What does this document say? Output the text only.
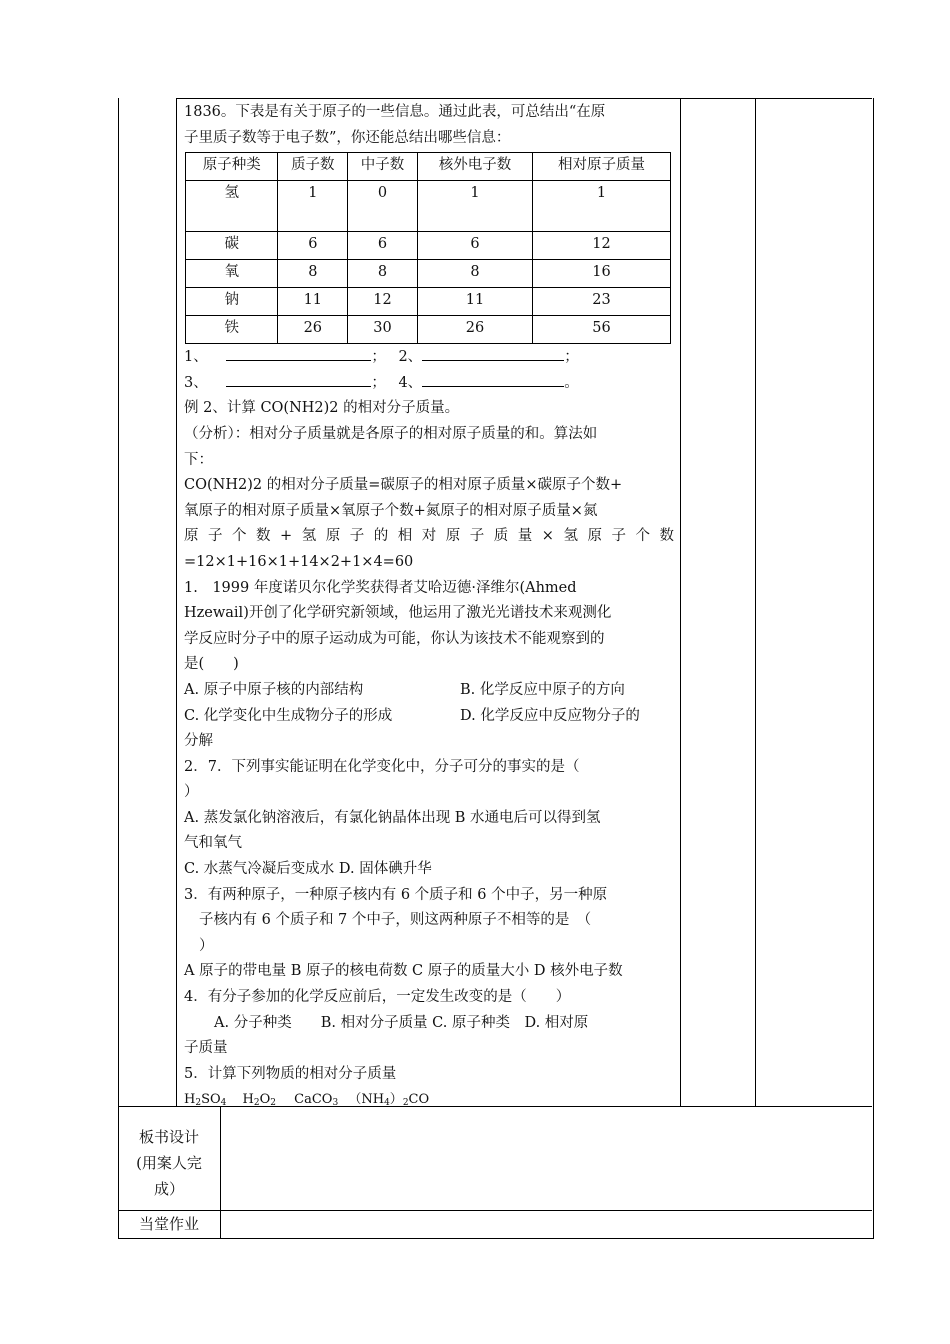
1836。下表是有关于原子的一些信息。通过此表，可总结出“在原

子里质子数等于电子数”，你还能总结出哪些信息：

原子种类	质子数	中子数	核外电子数	相对原子质量
氢	1	0	1	1
碳	6	6	6	12
氧	8	8	8	16
钠	11	12	11	23
铁	26	30	26	56

1、	； 2、	；

3、	； 4、	。

例 2、计算 CO(NH2)2 的相对分子质量。

（分析）：相对分子质量就是各原子的相对原子质量的和。算法如

下：

CO(NH2)2 的相对分子质量=碳原子的相对原子质量×碳原子个数+

氧原子的相对原子质量×氧原子个数+氮原子的相对原子质量×氮

原子个数+氢原子的相对原子质量×氢原子个数

=12×1+16×1+14×2+1×4=60

1.　1999 年度诺贝尔化学奖获得者艾哈迈德·泽维尔(Ahmed

Hzewail)开创了化学研究新领域，他运用了激光光谱技术来观测化

学反应时分子中的原子运动成为可能，你认为该技术不能观察到的

是(　　)

A. 原子中原子核的内部结构	B. 化学反应中原子的方向

C. 化学变化中生成物分子的形成	D. 化学反应中反应物分子的

分解

2．7．下列事实能证明在化学变化中，分子可分的事实的是（

）

A. 蒸发氯化钠溶液后，有氯化钠晶体出现 B 水通电后可以得到氢

气和氧气

C. 水蒸气冷凝后变成水 D. 固体碘升华

3．有两种原子，一种原子核内有 6 个质子和 6 个中子，另一种原

子核内有 6 个质子和 7 个中子，则这两种原子不相等的是　（

）

A 原子的带电量 B 原子的核电荷数 C 原子的质量大小 D 核外电子数

4．有分子参加的化学反应前后，一定发生改变的是（　　）

A. 分子种类　　B. 相对分子质量 C. 原子种类　D. 相对原

子质量

5．计算下列物质的相对分子质量

$H_2SO_4$ $H_2O_2$ CaCO$_3$ $(NH_4)_2CO$

板书设计
(用案人完
成）
当堂作业
